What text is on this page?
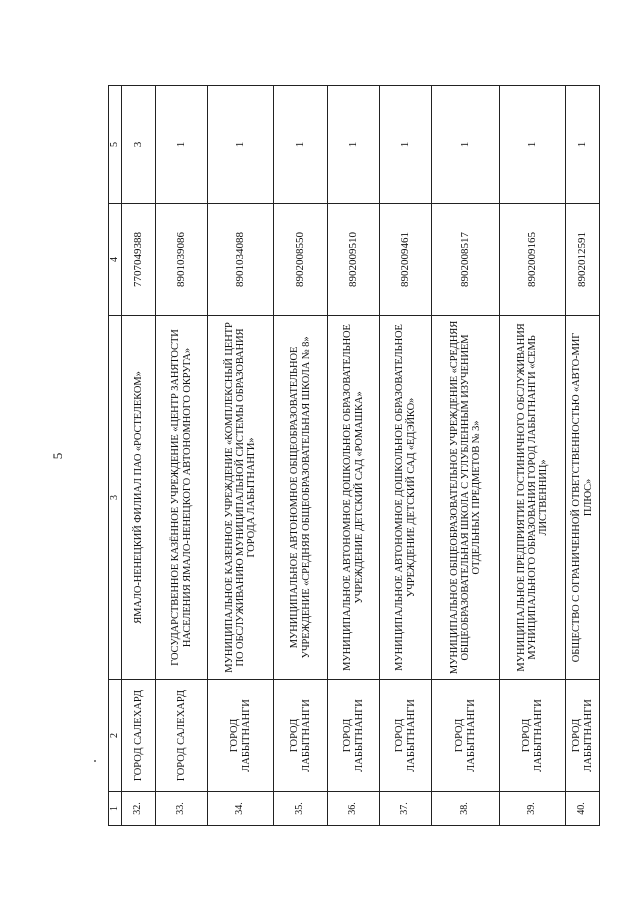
5
1	2	3	4	5
32.	ГОРОД САЛЕХАРД	ЯМАЛО-НЕНЕЦКИЙ ФИЛИАЛ ПАО «РОСТЕЛЕКОМ»	7707049388	3
33.	ГОРОД САЛЕХАРД	ГОСУДАРСТВЕННОЕ КАЗЁННОЕ УЧРЕЖДЕНИЕ «ЦЕНТР ЗАНЯТОСТИ НАСЕЛЕНИЯ ЯМАЛО-НЕНЕЦКОГО АВТОНОМНОГО ОКРУГА»	8901039086	1
34.	ГОРОД ЛАБЫТНАНГИ	МУНИЦИПАЛЬНОЕ КАЗЕННОЕ УЧРЕЖДЕНИЕ «КОМПЛЕКСНЫЙ ЦЕНТР ПО ОБСЛУЖИВАНИЮ МУНИЦИПАЛЬНОЙ СИСТЕМЫ ОБРАЗОВАНИЯ ГОРОДА ЛАБЫТНАНГИ»	8901034088	1
35.	ГОРОД ЛАБЫТНАНГИ	МУНИЦИПАЛЬНОЕ АВТОНОМНОЕ ОБЩЕОБРАЗОВАТЕЛЬНОЕ УЧРЕЖДЕНИЕ «СРЕДНЯЯ ОБЩЕОБРАЗОВАТЕЛЬНАЯ ШКОЛА № 8»	8902008550	1
36.	ГОРОД ЛАБЫТНАНГИ	МУНИЦИПАЛЬНОЕ АВТОНОМНОЕ ДОШКОЛЬНОЕ ОБРАЗОВАТЕЛЬНОЕ УЧРЕЖДЕНИЕ ДЕТСКИЙ САД «РОМАШКА»	8902009510	1
37.	ГОРОД ЛАБЫТНАНГИ	МУНИЦИПАЛЬНОЕ АВТОНОМНОЕ ДОШКОЛЬНОЕ ОБРАЗОВАТЕЛЬНОЕ УЧРЕЖДЕНИЕ ДЕТСКИЙ САД «ЕДЭЙКО»	8902009461	1
38.	ГОРОД ЛАБЫТНАНГИ	МУНИЦИПАЛЬНОЕ ОБЩЕОБРАЗОВАТЕЛЬНОЕ УЧРЕЖДЕНИЕ «СРЕДНЯЯ ОБЩЕОБРАЗОВАТЕЛЬНАЯ ШКОЛА С УГЛУБЛЕННЫМ ИЗУЧЕНИЕМ ОТДЕЛЬНЫХ ПРЕДМЕТОВ № 3»	8902008517	1
39.	ГОРОД ЛАБЫТНАНГИ	МУНИЦИПАЛЬНОЕ ПРЕДПРИЯТИЕ ГОСТИНИЧНОГО ОБСЛУЖИВАНИЯ МУНИЦИПАЛЬНОГО ОБРАЗОВАНИЯ ГОРОД ЛАБЫТНАНГИ «СЕМЬ ЛИСТВЕННИЦ»	8902009165	1
40.	ГОРОД ЛАБЫТНАНГИ	ОБЩЕСТВО С ОГРАНИЧЕННОЙ ОТВЕТСТВЕННОСТЬЮ «АВТО-МИГ ПЛЮС»	8902012591	1
